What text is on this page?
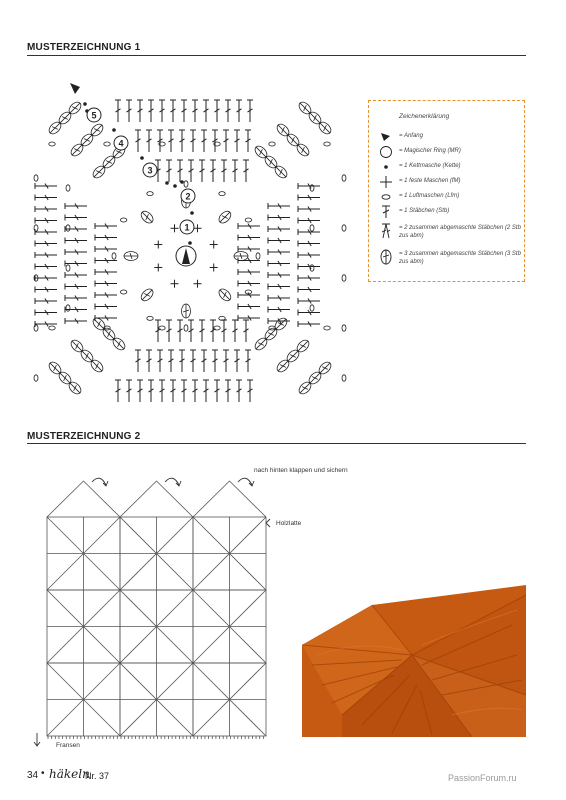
MUSTERZEICHNUNG 1
1
2
3
4
5	Zeichenerklärung
= Anfang
= Magischer Ring (MR)
= 1 Kettmasche (Kette)
= 1 feste Maschen (fM)
= 1 Luftmaschen (Lfm)
= 1 Stäbchen (Stb)
= 2 zusammen abgemaschte Stäbchen (2 Stb zus abm)
= 3 zusammen abgemaschte Stäbchen (3 Stb zus abm)
MUSTERZEICHNUNG 2
nach hinten klappen und sichern
Holzlatte
Fransen
34 • häkeln
Nr. 37	PassionForum.ru
